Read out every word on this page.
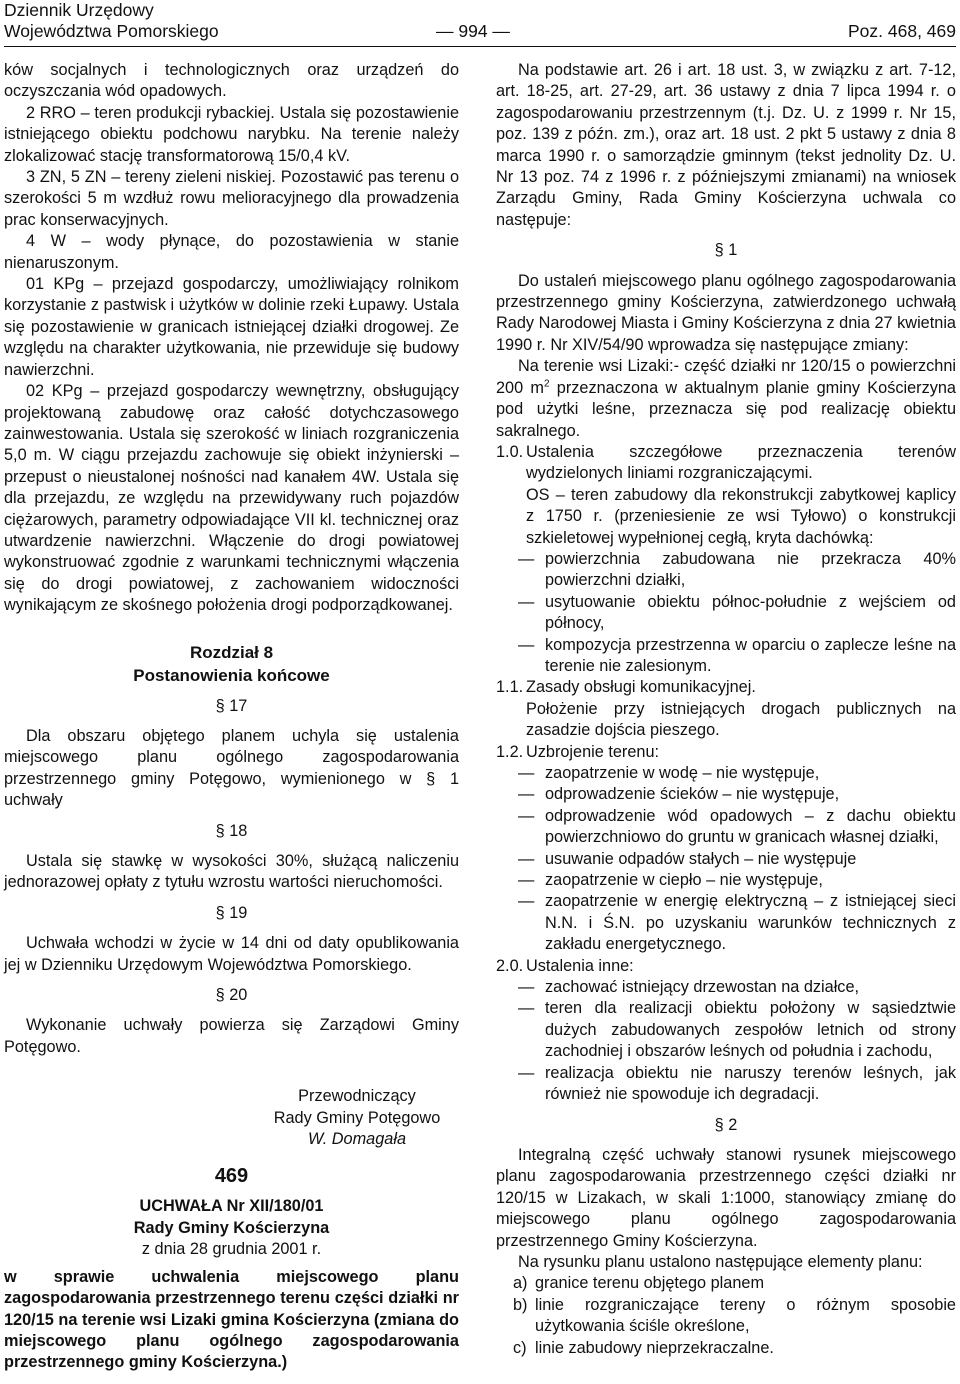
Dziennik Urzędowy
Województwa Pomorskiego	— 994 —	Poz. 468, 469

ków socjalnych i technologicznych oraz urządzeń do oczyszczania wód opadowych.

2 RRO – teren produkcji rybackiej. Ustala się pozostawienie istniejącego obiektu podchowu narybku. Na terenie należy zlokalizować stację transformatorową 15/0,4 kV.

3 ZN, 5 ZN – tereny zieleni niskiej. Pozostawić pas terenu o szerokości 5 m wzdłuż rowu melioracyjnego dla prowadzenia prac konserwacyjnych.

4 W – wody płynące, do pozostawienia w stanie nienaruszonym.

01 KPg – przejazd gospodarczy, umożliwiający rolnikom korzystanie z pastwisk i użytków w dolinie rzeki Łupawy. Ustala się pozostawienie w granicach istniejącej działki drogowej. Ze względu na charakter użytkowania, nie przewiduje się budowy nawierzchni.

02 KPg – przejazd gospodarczy wewnętrzny, obsługujący projektowaną zabudowę oraz całość dotychczasowego zainwestowania. Ustala się szerokość w liniach rozgraniczenia 5,0 m. W ciągu przejazdu zachowuje się obiekt inżynierski – przepust o nieustalonej nośności nad kanałem 4W. Ustala się dla przejazdu, ze względu na przewidywany ruch pojazdów ciężarowych, parametry odpowiadające VII kl. technicznej oraz utwardzenie nawierzchni. Włączenie do drogi powiatowej wykonstruować zgodnie z warunkami technicznymi włączenia się do drogi powiatowej, z zachowaniem widoczności wynikającym ze skośnego położenia drogi podporządkowanej.

Rozdział 8
Postanowienia końcowe
§ 17

Dla obszaru objętego planem uchyla się ustalenia miejscowego planu ogólnego zagospodarowania przestrzennego gminy Potęgowo, wymienionego w § 1 uchwały

§ 18

Ustala się stawkę w wysokości 30%, służącą naliczeniu jednorazowej opłaty z tytułu wzrostu wartości nieruchomości.

§ 19

Uchwała wchodzi w życie w 14 dni od daty opublikowania jej w Dzienniku Urzędowym Województwa Pomorskiego.

§ 20

Wykonanie uchwały powierza się Zarządowi Gminy Potęgowo.

Przewodniczący
Rady Gminy Potęgowo
W. Domagała
469
UCHWAŁA Nr XII/180/01
Rady Gminy Kościerzyna
z dnia 28 grudnia 2001 r.

w sprawie uchwalenia miejscowego planu zagospodarowania przestrzennego terenu części działki nr 120/15 na terenie wsi Lizaki gmina Kościerzyna (zmiana do miejscowego planu ogólnego zagospodarowania przestrzennego gminy Kościerzyna.)

Na podstawie art. 26 i art. 18 ust. 3, w związku z art. 7-12, art. 18-25, art. 27-29, art. 36 ustawy z dnia 7 lipca 1994 r. o zagospodarowaniu przestrzennym (t.j. Dz. U. z 1999 r. Nr 15, poz. 139 z późn. zm.), oraz art. 18 ust. 2 pkt 5 ustawy z dnia 8 marca 1990 r. o samorządzie gminnym (tekst jednolity Dz. U. Nr 13 poz. 74 z 1996 r. z późniejszymi zmianami) na wniosek Zarządu Gminy, Rada Gminy Kościerzyna uchwala co następuje:

§ 1

Do ustaleń miejscowego planu ogólnego zagospodarowania przestrzennego gminy Kościerzyna, zatwierdzonego uchwałą Rady Narodowej Miasta i Gminy Kościerzyna z dnia 27 kwietnia 1990 r. Nr XIV/54/90 wprowadza się następujące zmiany:

Na terenie wsi Lizaki:- część działki nr 120/15 o powierzchni 200 $m^2$ przeznaczona w aktualnym planie gminy Kościerzyna pod użytki leśne, przeznacza się pod realizację obiektu sakralnego.

1.0. Ustalenia szczegółowe przeznaczenia terenów wydzielonych liniami rozgraniczającymi.

OS – teren zabudowy dla rekonstrukcji zabytkowej kaplicy z 1750 r. (przeniesienie ze wsi Tyłowo) o konstrukcji szkieletowej wypełnionej cegłą, kryta dachówką:

— powierzchnia zabudowana nie przekracza 40% powierzchni działki,
— usytuowanie obiektu północ-południe z wejściem od północy,
— kompozycja przestrzenna w oparciu o zaplecze leśne na terenie nie zalesionym.
1.1. Zasady obsługi komunikacyjnej.

Położenie przy istniejących drogach publicznych na zasadzie dojścia pieszego.

1.2. Uzbrojenie terenu:
— zaopatrzenie w wodę – nie występuje,
— odprowadzenie ścieków – nie występuje,
— odprowadzenie wód opadowych – z dachu obiektu powierzchniowo do gruntu w granicach własnej działki,
— usuwanie odpadów stałych – nie występuje
— zaopatrzenie w ciepło – nie występuje,
— zaopatrzenie w energię elektryczną – z istniejącej sieci N.N. i Ś.N. po uzyskaniu warunków technicznych z zakładu energetycznego.
2.0. Ustalenia inne:
— zachować istniejący drzewostan na działce,
— teren dla realizacji obiektu położony w sąsiedztwie dużych zabudowanych zespołów letnich od strony zachodniej i obszarów leśnych od południa i zachodu,
— realizacja obiektu nie naruszy terenów leśnych, jak również nie spowoduje ich degradacji.
§ 2

Integralną część uchwały stanowi rysunek miejscowego planu zagospodarowania przestrzennego części działki nr 120/15 w Lizakach, w skali 1:1000, stanowiący zmianę do miejscowego planu ogólnego zagospodarowania przestrzennego Gminy Kościerzyna.

Na rysunku planu ustalono następujące elementy planu:

a) granice terenu objętego planem
b) linie rozgraniczające tereny o różnym sposobie użytkowania ściśle określone,
c) linie zabudowy nieprzekraczalne.
